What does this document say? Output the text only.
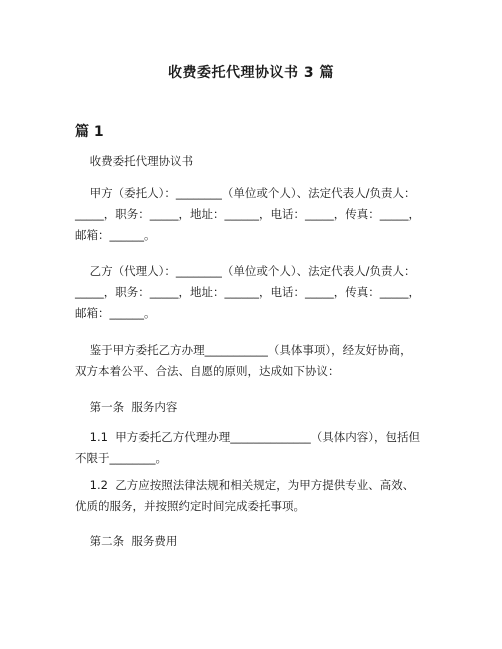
收费委托代理协议书 3 篇
篇 1
收费委托代理协议书
甲方（委托人）：________（单位或个人）、法定代表人/负责人：
_____，职务：_____，地址：______，电话：_____，传真：_____，
邮箱：______。
乙方（代理人）：________（单位或个人）、法定代表人/负责人：
_____，职务：_____，地址：______，电话：_____，传真：_____，
邮箱：______。
鉴于甲方委托乙方办理___________（具体事项），经友好协商，
双方本着公平、合法、自愿的原则，达成如下协议：
第一条  服务内容
1.1  甲方委托乙方代理办理______________（具体内容），包括但
不限于________。
1.2  乙方应按照法律法规和相关规定，为甲方提供专业、高效、
优质的服务，并按照约定时间完成委托事项。
第二条  服务费用
